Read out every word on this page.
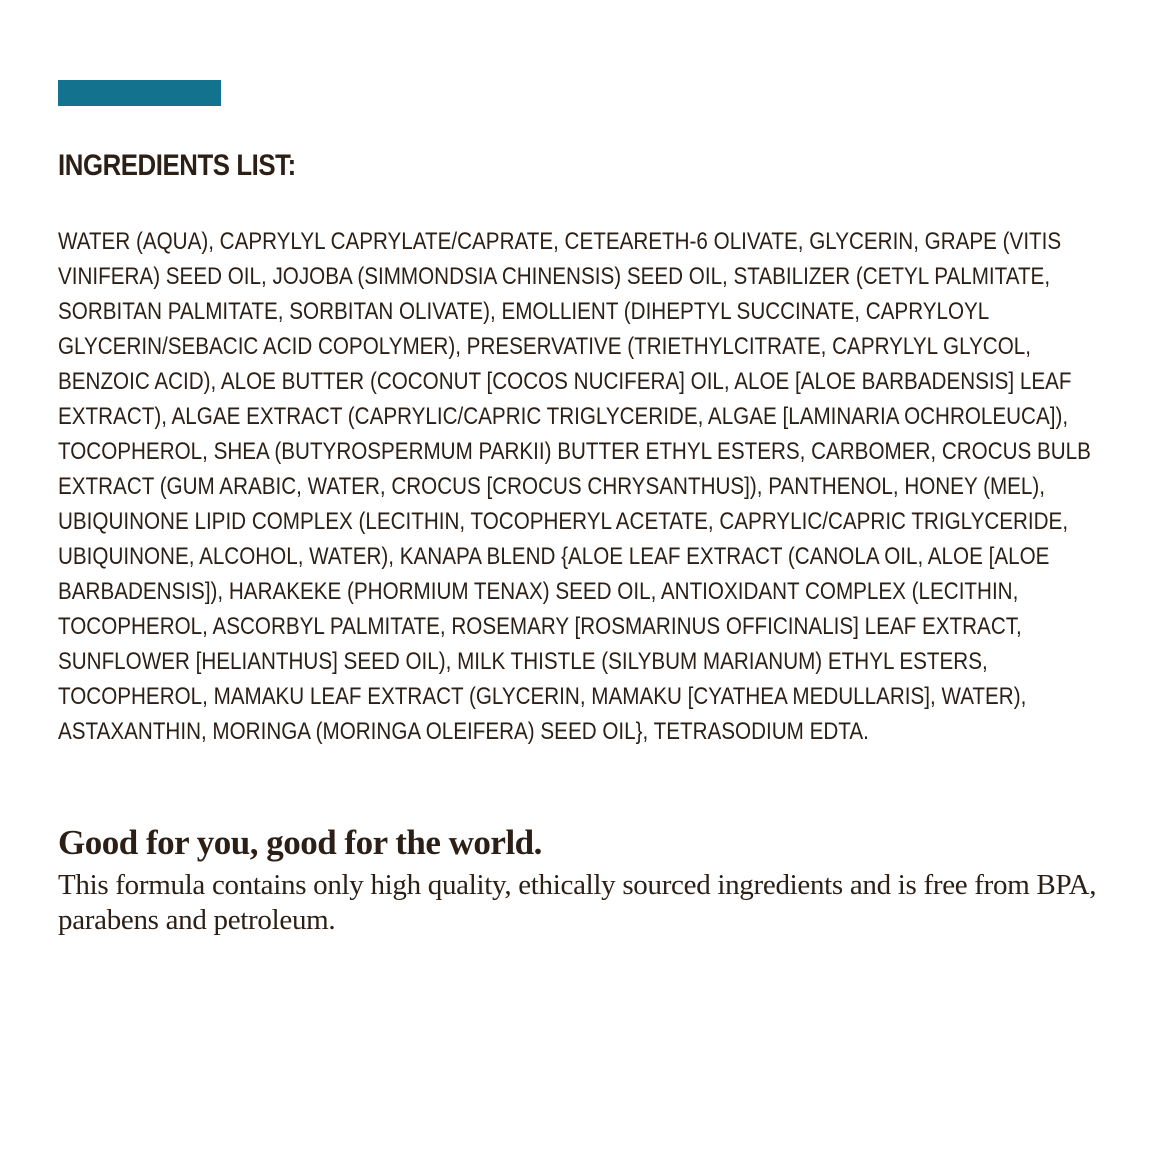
INGREDIENTS LIST:

WATER (AQUA), CAPRYLYL CAPRYLATE/CAPRATE, CETEARETH-6 OLIVATE, GLYCERIN, GRAPE (VITIS VINIFERA) SEED OIL, JOJOBA (SIMMONDSIA CHINENSIS) SEED OIL, STABILIZER (CETYL PALMITATE, SORBITAN PALMITATE, SORBITAN OLIVATE), EMOLLIENT (DIHEPTYL SUCCINATE, CAPRYLOYL GLYCERIN/SEBACIC ACID COPOLYMER), PRESERVATIVE (TRIETHYLCITRATE, CAPRYLYL GLYCOL, BENZOIC ACID), ALOE BUTTER (COCONUT [COCOS NUCIFERA] OIL, ALOE [ALOE BARBADENSIS] LEAF EXTRACT), ALGAE EXTRACT (CAPRYLIC/CAPRIC TRIGLYCERIDE, ALGAE [LAMINARIA OCHROLEUCA]), TOCOPHEROL, SHEA (BUTYROSPERMUM PARKII) BUTTER ETHYL ESTERS, CARBOMER, CROCUS BULB EXTRACT (GUM ARABIC, WATER, CROCUS [CROCUS CHRYSANTHUS]), PANTHENOL, HONEY (MEL), UBIQUINONE LIPID COMPLEX (LECITHIN, TOCOPHERYL ACETATE, CAPRYLIC/CAPRIC TRIGLYCERIDE, UBIQUINONE, ALCOHOL, WATER), KANAPA BLEND {ALOE LEAF EXTRACT (CANOLA OIL, ALOE [ALOE BARBADENSIS]), HARAKEKE (PHORMIUM TENAX) SEED OIL, ANTIOXIDANT COMPLEX (LECITHIN, TOCOPHEROL, ASCORBYL PALMITATE, ROSEMARY [ROSMARINUS OFFICINALIS] LEAF EXTRACT, SUNFLOWER [HELIANTHUS] SEED OIL), MILK THISTLE (SILYBUM MARIANUM) ETHYL ESTERS, TOCOPHEROL, MAMAKU LEAF EXTRACT (GLYCERIN, MAMAKU [CYATHEA MEDULLARIS], WATER), ASTAXANTHIN, MORINGA (MORINGA OLEIFERA) SEED OIL}, TETRASODIUM EDTA.

Good for you, good for the world.

This formula contains only high quality, ethically sourced ingredients and is free from BPA, parabens and petroleum.
